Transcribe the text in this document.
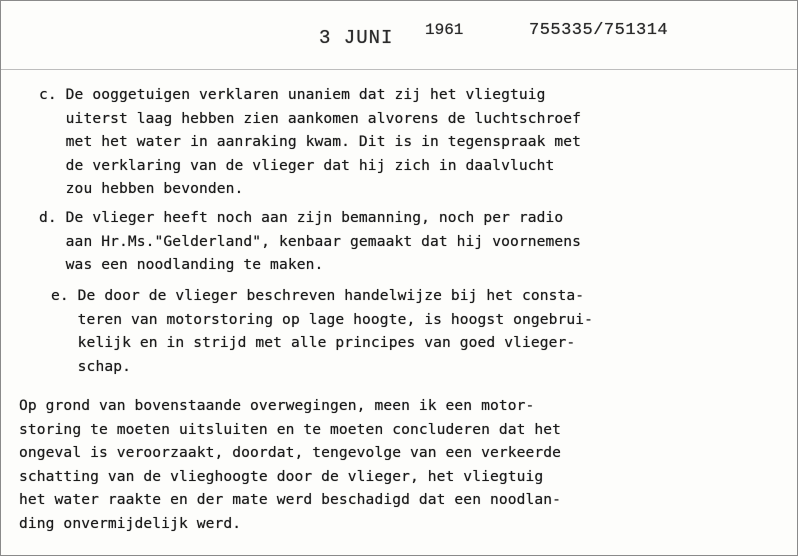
3 JUNI 1961	755335/751314
c. De ooggetuigen verklaren unaniem dat zij het vliegtuig
uiterst laag hebben zien aankomen alvorens de luchtschroef
met het water in aanraking kwam. Dit is in tegenspraak met
de verklaring van de vlieger dat hij zich in daalvlucht
zou hebben bevonden.
d. De vlieger heeft noch aan zijn bemanning, noch per radio
aan Hr.Ms."Gelderland", kenbaar gemaakt dat hij voornemens
was een noodlanding te maken.
e. De door de vlieger beschreven handelwijze bij het consta-
teren van motorstoring op lage hoogte, is hoogst ongebrui-
kelijk en in strijd met alle principes van goed vlieger-
schap.
Op grond van bovenstaande overwegingen, meen ik een motor-
storing te moeten uitsluiten en te moeten concluderen dat het
ongeval is veroorzaakt, doordat, tengevolge van een verkeerde
schatting van de vlieghoogte door de vlieger, het vliegtuig
het water raakte en der mate werd beschadigd dat een noodlan-
ding onvermijdelijk werd.
